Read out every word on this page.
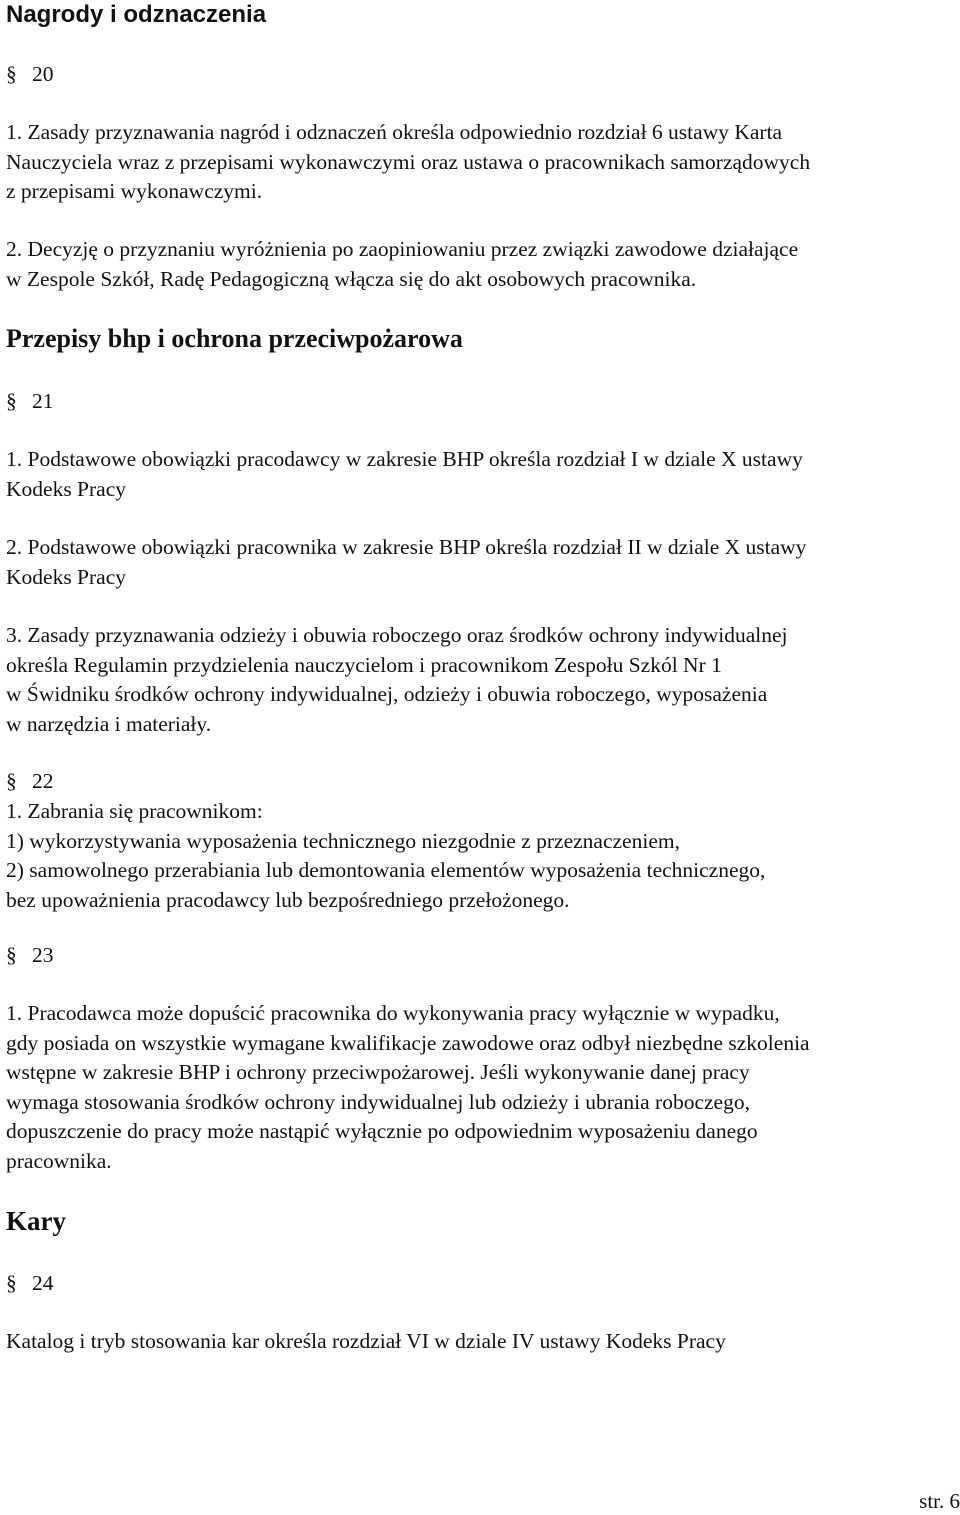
Nagrody i odznaczenia
§ 20
1. Zasady przyznawania nagród i odznaczeń określa odpowiednio rozdział 6 ustawy Karta
Nauczyciela wraz z przepisami wykonawczymi oraz ustawa o pracownikach samorządowych
z przepisami wykonawczymi.
2. Decyzję o przyznaniu wyróżnienia po zaopiniowaniu przez związki zawodowe działające
w Zespole Szkół, Radę Pedagogiczną włącza się do akt osobowych pracownika.
Przepisy bhp i ochrona przeciwpożarowa
§ 21
1. Podstawowe obowiązki pracodawcy w zakresie BHP określa rozdział I w dziale X ustawy
Kodeks Pracy
2. Podstawowe obowiązki pracownika w zakresie BHP określa rozdział II w dziale X ustawy
Kodeks Pracy
3. Zasady przyznawania odzieży i obuwia roboczego oraz środków ochrony indywidualnej
określa Regulamin przydzielenia nauczycielom i pracownikom Zespołu Szkól Nr 1
w Świdniku środków ochrony indywidualnej, odzieży i obuwia roboczego, wyposażenia
w narzędzia i materiały.
§ 22
1. Zabrania się pracownikom:
1) wykorzystywania wyposażenia technicznego niezgodnie z przeznaczeniem,
2) samowolnego przerabiania lub demontowania elementów wyposażenia technicznego,
bez upoważnienia pracodawcy lub bezpośredniego przełożonego.
§ 23
1. Pracodawca może dopuścić pracownika do wykonywania pracy wyłącznie w wypadku,
gdy posiada on wszystkie wymagane kwalifikacje zawodowe oraz odbył niezbędne szkolenia
wstępne w zakresie BHP i ochrony przeciwpożarowej. Jeśli wykonywanie danej pracy
wymaga stosowania środków ochrony indywidualnej lub odzieży i ubrania roboczego,
dopuszczenie do pracy może nastąpić wyłącznie po odpowiednim wyposażeniu danego
pracownika.
Kary
§ 24
Katalog i tryb stosowania kar określa rozdział VI w dziale IV ustawy Kodeks Pracy
str. 6
